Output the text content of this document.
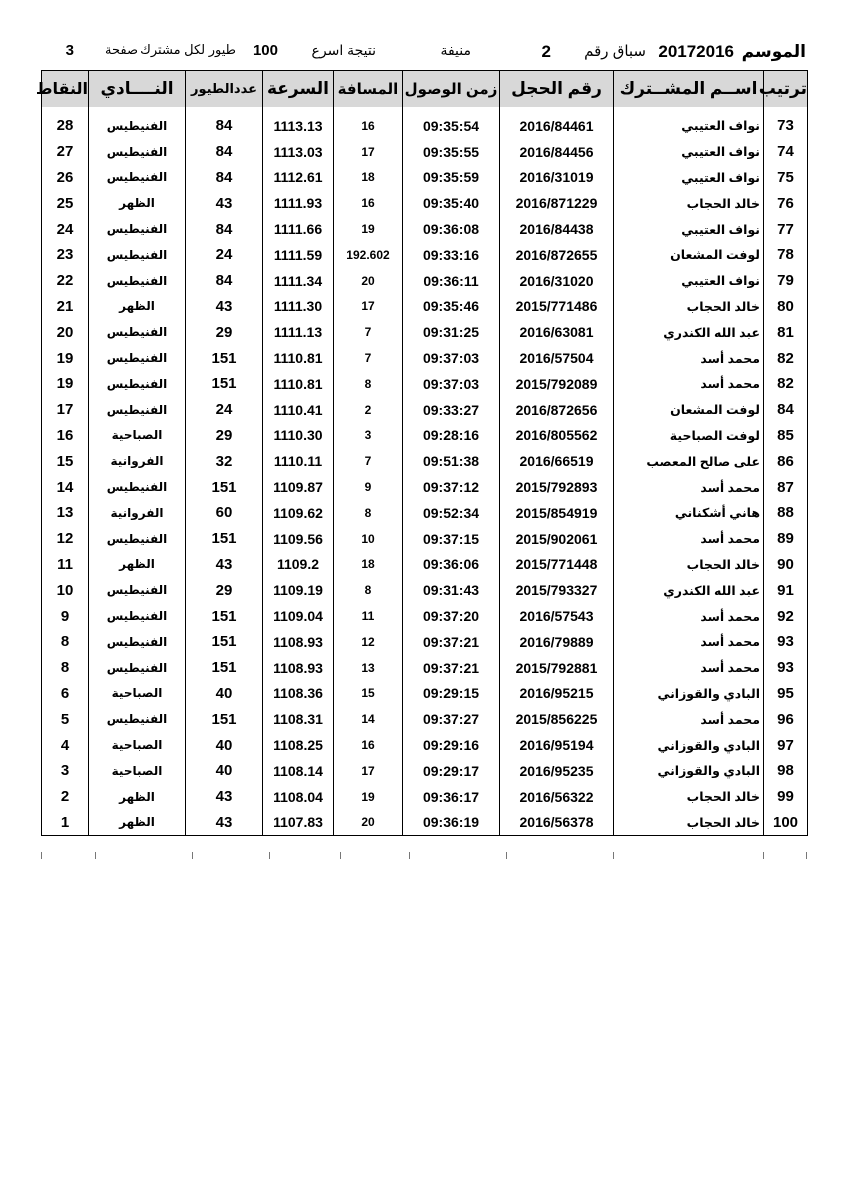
الموسم
20172016
سباق رقم
2
منيفة
نتيجة اسرع
100
طيور لكل مشترك
صفحة
3
ترتيب	اســم المشــترك	رقم الحجل	زمن الوصول	المسافة	السرعة	عددالطيور	النــــادي	النقاط

73	نواف العتيبي	2016/84461	09:35:54	16	1113.13	84	الفنيطيس	28
74	نواف العتيبي	2016/84456	09:35:55	17	1113.03	84	الفنيطيس	27
75	نواف العتيبي	2016/31019	09:35:59	18	1112.61	84	الفنيطيس	26
76	خالد الحجاب	2016/871229	09:35:40	16	1111.93	43	الظهر	25
77	نواف العتيبي	2016/84438	09:36:08	19	1111.66	84	الفنيطيس	24
78	لوفت المشعان	2016/872655	09:33:16	192.602	1111.59	24	الفنيطيس	23
79	نواف العتيبي	2016/31020	09:36:11	20	1111.34	84	الفنيطيس	22
80	خالد الحجاب	2015/771486	09:35:46	17	1111.30	43	الظهر	21
81	عبد الله الكندري	2016/63081	09:31:25	7	1111.13	29	الفنيطيس	20
82	محمد أسد	2016/57504	09:37:03	7	1110.81	151	الفنيطيس	19
82	محمد أسد	2015/792089	09:37:03	8	1110.81	151	الفنيطيس	19
84	لوفت المشعان	2016/872656	09:33:27	2	1110.41	24	الفنيطيس	17
85	لوفت الصباحية	2016/805562	09:28:16	3	1110.30	29	الصباحية	16
86	على صالح المعصب	2016/66519	09:51:38	7	1110.11	32	الفروانية	15
87	محمد أسد	2015/792893	09:37:12	9	1109.87	151	الفنيطيس	14
88	هاني أشكناني	2015/854919	09:52:34	8	1109.62	60	الفروانية	13
89	محمد أسد	2015/902061	09:37:15	10	1109.56	151	الفنيطيس	12
90	خالد الحجاب	2015/771448	09:36:06	18	1109.2	43	الظهر	11
91	عبد الله الكندري	2015/793327	09:31:43	8	1109.19	29	الفنيطيس	10
92	محمد أسد	2016/57543	09:37:20	11	1109.04	151	الفنيطيس	9
93	محمد أسد	2016/79889	09:37:21	12	1108.93	151	الفنيطيس	8
93	محمد أسد	2015/792881	09:37:21	13	1108.93	151	الفنيطيس	8
95	البادي والقوزاني	2016/95215	09:29:15	15	1108.36	40	الصباحية	6
96	محمد أسد	2015/856225	09:37:27	14	1108.31	151	الفنيطيس	5
97	البادي والقوزاني	2016/95194	09:29:16	16	1108.25	40	الصباحية	4
98	البادي والقوزاني	2016/95235	09:29:17	17	1108.14	40	الصباحية	3
99	خالد الحجاب	2016/56322	09:36:17	19	1108.04	43	الظهر	2
100	خالد الحجاب	2016/56378	09:36:19	20	1107.83	43	الظهر	1
